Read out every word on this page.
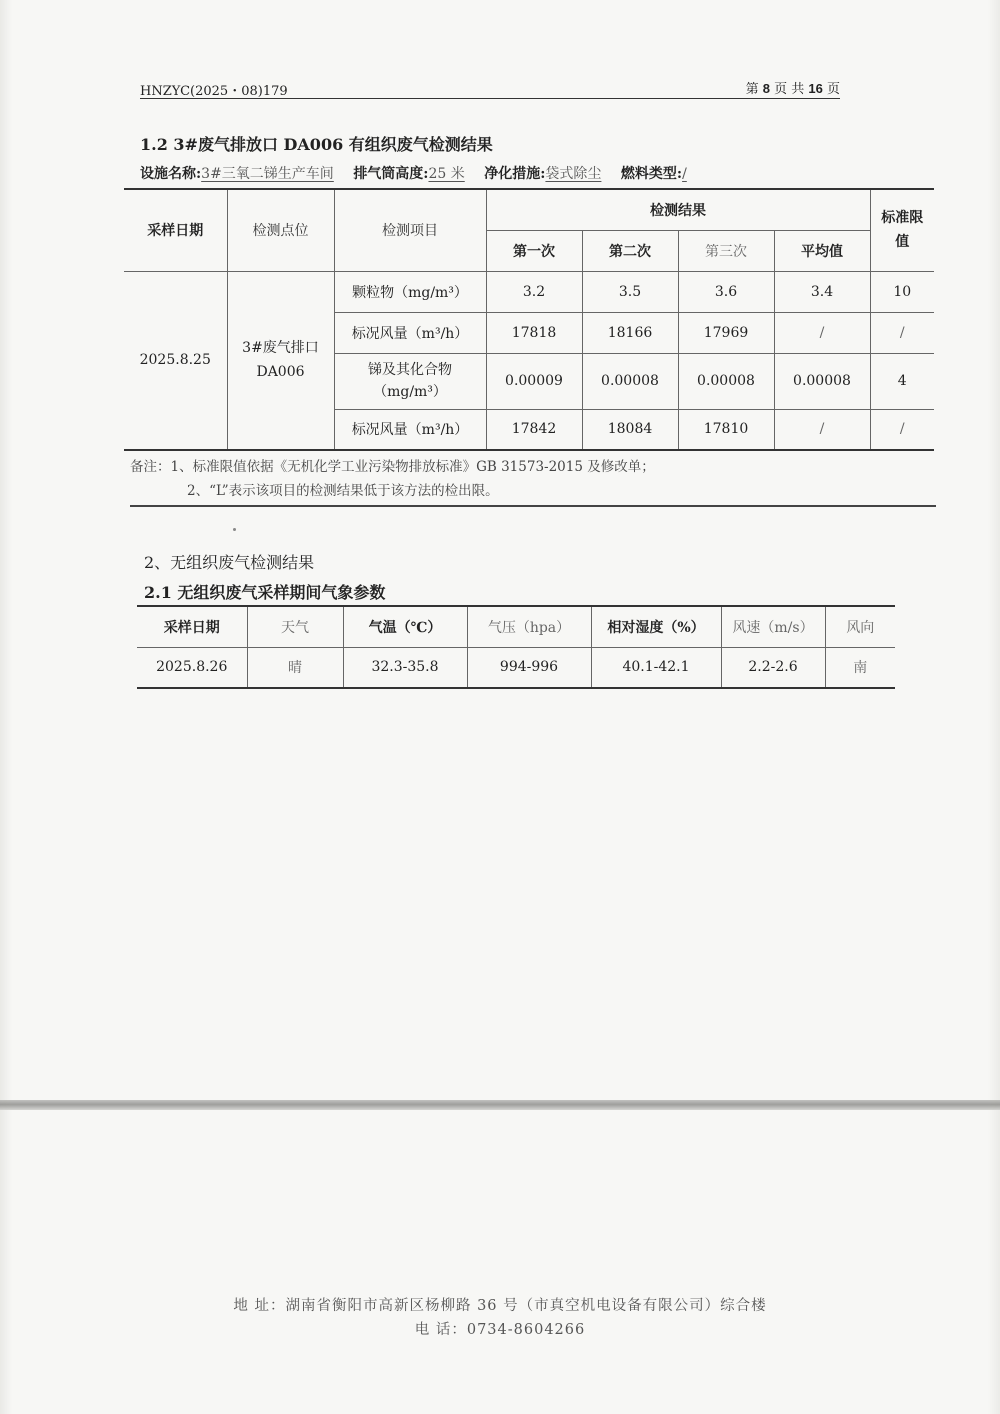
HNZYC(2025・08)179	第 8 页 共 16 页
1.2 3#废气排放口 DA006 有组织废气检测结果
设施名称:3#三氧二锑生产车间 排气筒高度:25 米 净化措施:袋式除尘 燃料类型:/
采样日期	检测点位	检测项目	检测结果				标准限值
			第一次	第二次	第三次	平均值	
2025.8.25	3#废气排口 DA006	颗粒物（mg/m³）	3.2	3.5	3.6	3.4	10
		标况风量（m³/h）	17818	18166	17969	/	/
		锑及其化合物（mg/m³）	0.00009	0.00008	0.00008	0.00008	4
		标况风量（m³/h）	17842	18084	17810	/	/
备注：1、标准限值依据《无机化学工业污染物排放标准》GB 31573-2015 及修改单；
2、“L”表示该项目的检测结果低于该方法的检出限。
2、无组织废气检测结果
2.1 无组织废气采样期间气象参数
采样日期	天气	气温（℃）	气压（hpa）	相对湿度（%）	风速（m/s）	风向
2025.8.26	晴	32.3-35.8	994-996	40.1-42.1	2.2-2.6	南
地 址：湖南省衡阳市高新区杨柳路 36 号（市真空机电设备有限公司）综合楼
电 话：0734-8604266
